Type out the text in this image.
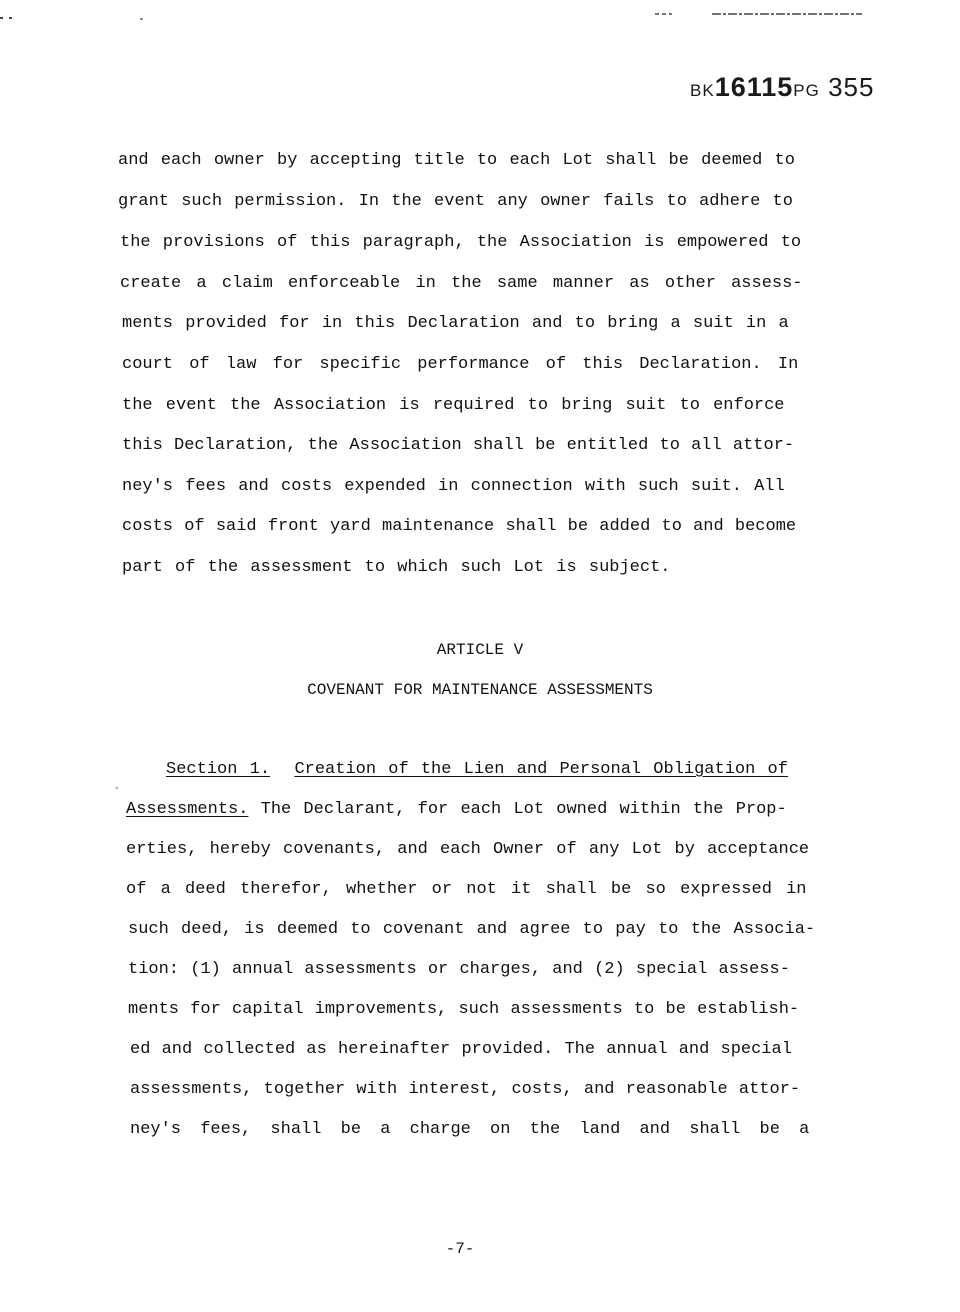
BK16115PG 355
and each owner by accepting title to each Lot shall be deemed to
grant such permission. In the event any owner fails to adhere to
the provisions of this paragraph, the Association is empowered to
create a claim enforceable in the same manner as other assess-
ments provided for in this Declaration and to bring a suit in a
court of law for specific performance of this Declaration. In
the event the Association is required to bring suit to enforce
this Declaration, the Association shall be entitled to all attor-
ney's fees and costs expended in connection with such suit. All
costs of said front yard maintenance shall be added to and become
part of the assessment to which such Lot is subject.
ARTICLE V
COVENANT FOR MAINTENANCE ASSESSMENTS
◦
Section 1. Creation of the Lien and Personal Obligation of
Assessments. The Declarant, for each Lot owned within the Prop-
erties, hereby covenants, and each Owner of any Lot by acceptance
of a deed therefor, whether or not it shall be so expressed in
such deed, is deemed to covenant and agree to pay to the Associa-
tion: (1) annual assessments or charges, and (2) special assess-
ments for capital improvements, such assessments to be establish-
ed and collected as hereinafter provided. The annual and special
assessments, together with interest, costs, and reasonable attor-
ney's fees, shall be a charge on the land and shall be a
-7-
